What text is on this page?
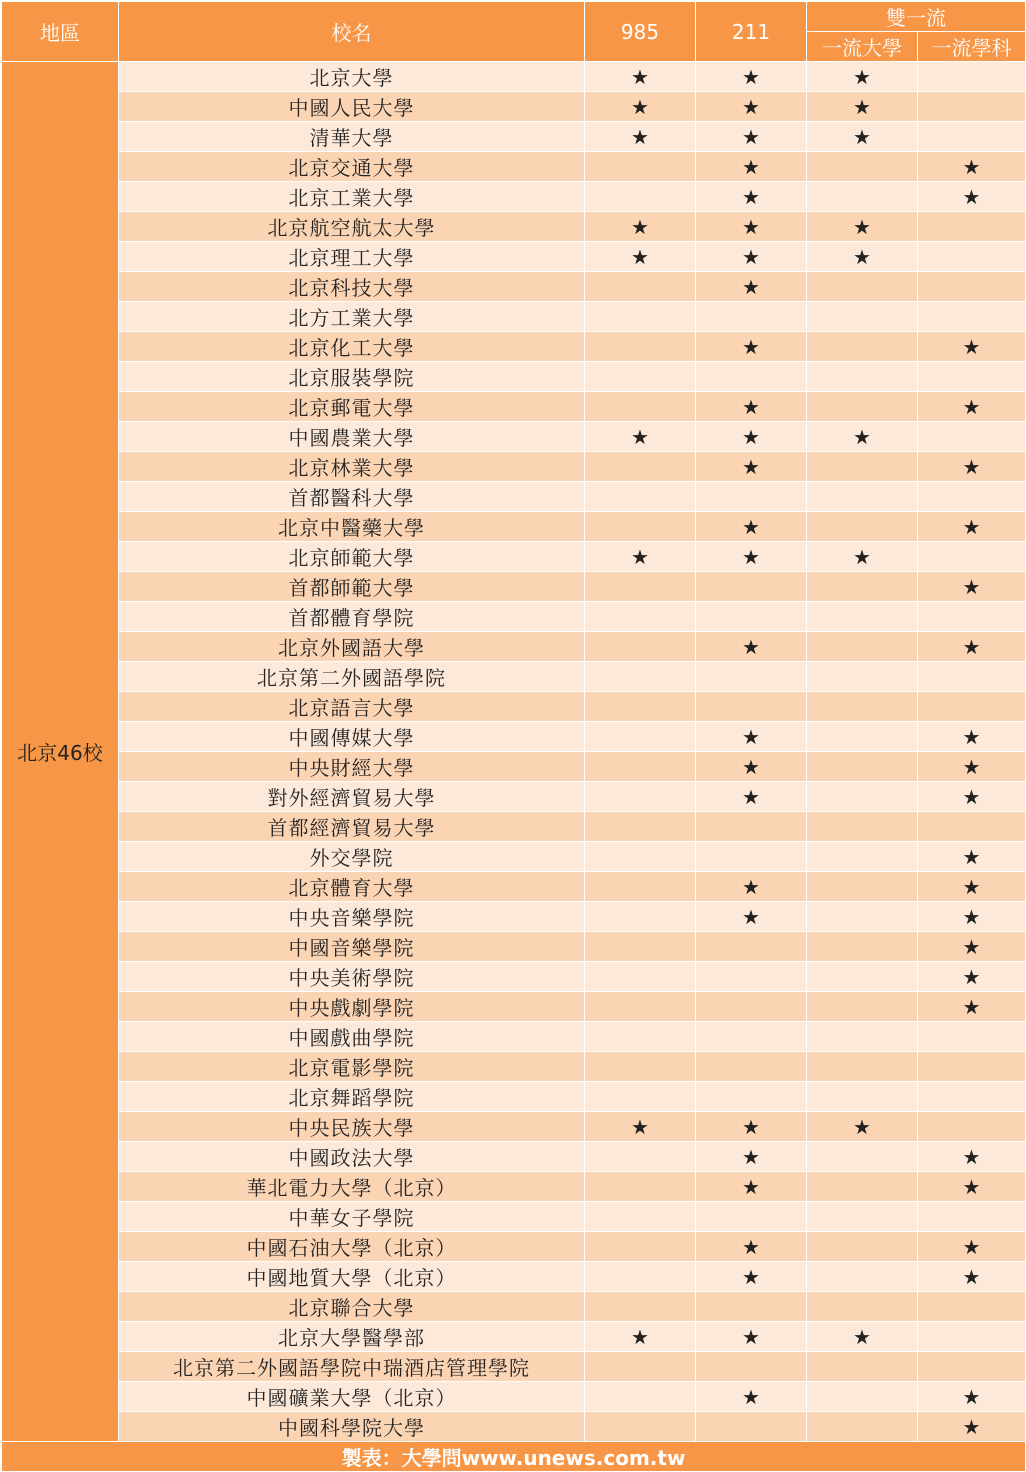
地區	校名	985	211	雙一流	
				一流大學	一流學科
北京46校	北京大學	★	★	★	
	中國人民大學	★	★	★	
	清華大學	★	★	★	
	北京交通大學		★		★
	北京工業大學		★		★
	北京航空航太大學	★	★	★	
	北京理工大學	★	★	★	
	北京科技大學		★		
	北方工業大學				
	北京化工大學		★		★
	北京服裝學院				
	北京郵電大學		★		★
	中國農業大學	★	★	★	
	北京林業大學		★		★
	首都醫科大學				
	北京中醫藥大學		★		★
	北京師範大學	★	★	★	
	首都師範大學				★
	首都體育學院				
	北京外國語大學		★		★
	北京第二外國語學院				
	北京語言大學				
	中國傳媒大學		★		★
	中央財經大學		★		★
	對外經濟貿易大學		★		★
	首都經濟貿易大學				
	外交學院				★
	北京體育大學		★		★
	中央音樂學院		★		★
	中國音樂學院				★
	中央美術學院				★
	中央戲劇學院				★
	中國戲曲學院				
	北京電影學院				
	北京舞蹈學院				
	中央民族大學	★	★	★	
	中國政法大學		★		★
	華北電力大學（北京）		★		★
	中華女子學院				
	中國石油大學（北京）		★		★
	中國地質大學（北京）		★		★
	北京聯合大學				
	北京大學醫學部	★	★	★	
	北京第二外國語學院中瑞酒店管理學院				
	中國礦業大學（北京）		★		★
	中國科學院大學				★
製表：大學問www.unews.com.tw					
